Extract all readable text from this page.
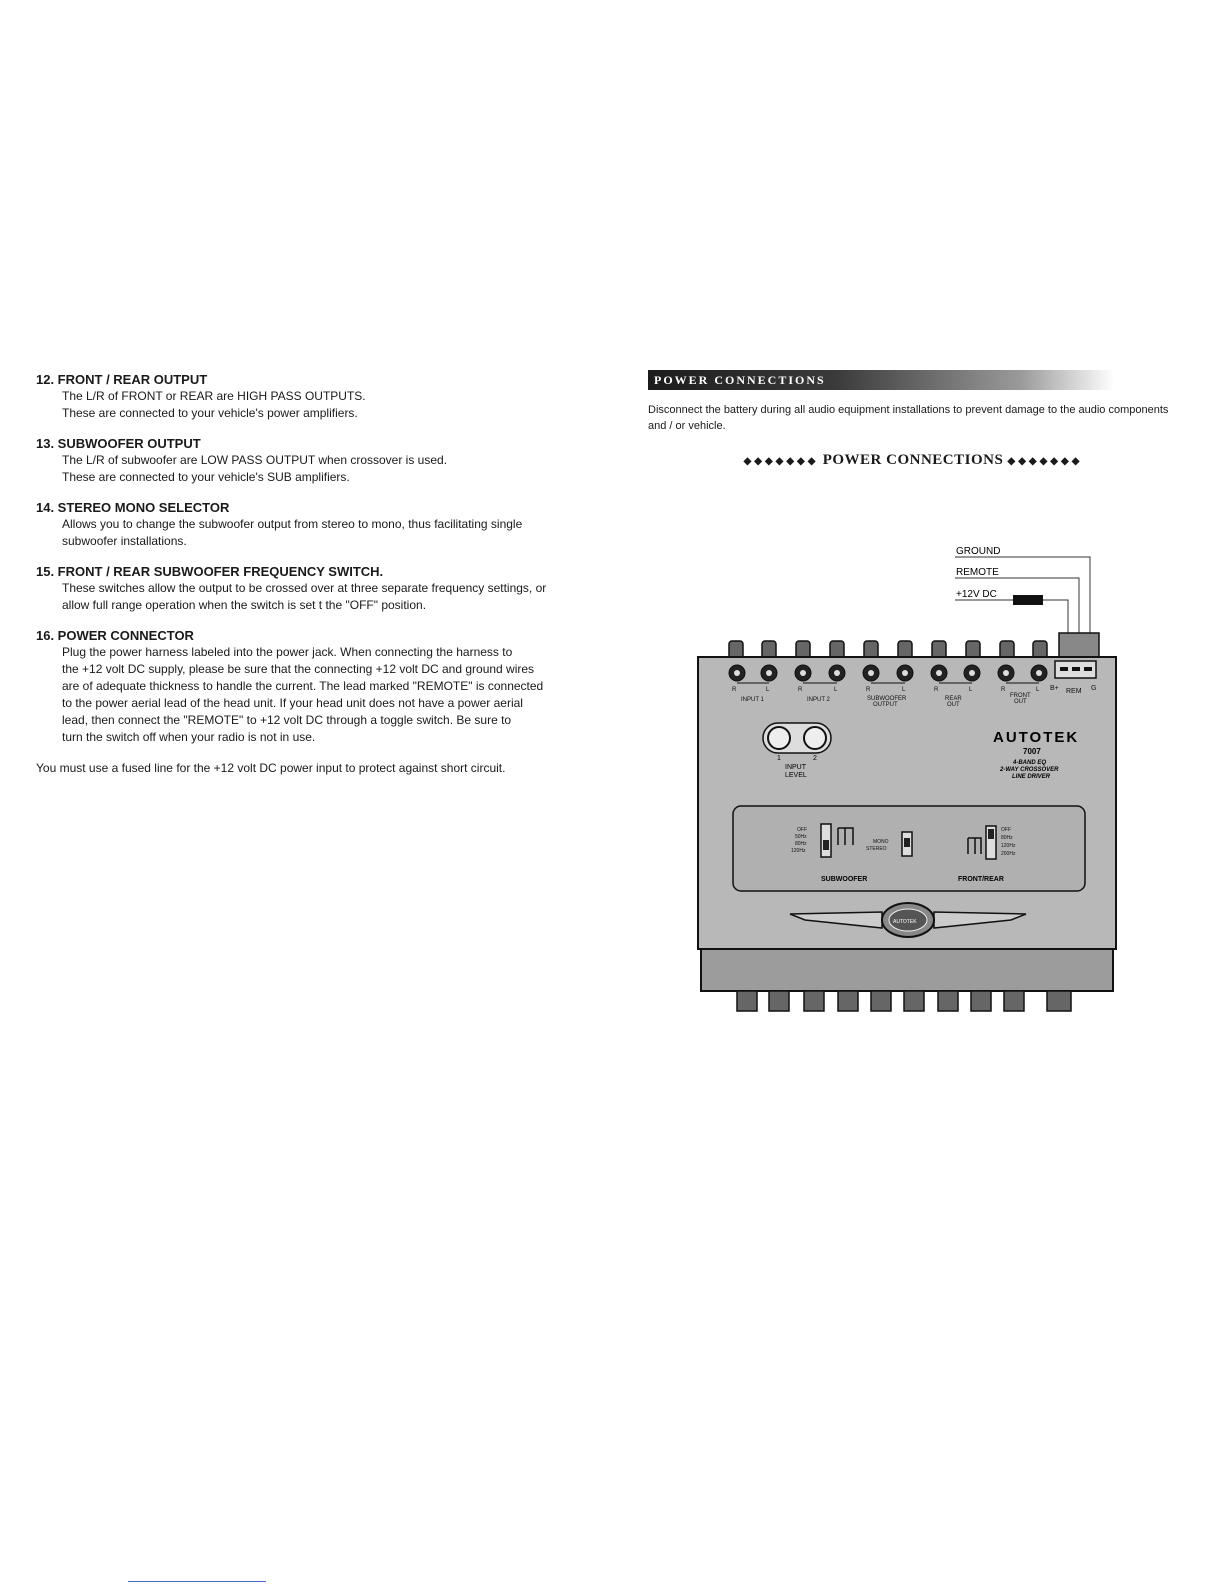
12. FRONT / REAR OUTPUT

The L/R of FRONT or REAR are HIGH PASS OUTPUTS.
These are connected to your vehicle's power amplifiers.

13. SUBWOOFER OUTPUT

The L/R of subwoofer are LOW PASS OUTPUT when crossover is used.
These are connected to your vehicle's SUB amplifiers.

14. STEREO MONO SELECTOR

Allows you to change the subwoofer output from stereo to mono, thus facilitating single
subwoofer installations.

15. FRONT / REAR SUBWOOFER FREQUENCY SWITCH.

These switches allow the output to be crossed over at three separate frequency settings, or
allow full range operation when the switch is set t the "OFF" position.

16. POWER CONNECTOR

Plug the power harness labeled into the power jack. When connecting the harness to
the +12 volt DC supply, please be sure that the connecting +12 volt DC and ground wires
are of adequate thickness to handle the current. The lead marked "REMOTE" is connected
to the power aerial lead of the head unit. If your head unit does not have a power aerial
lead, then connect the "REMOTE" to +12 volt DC through a toggle switch. Be sure to
turn the switch off when your radio is not in use.
You must use a fused line for the +12 volt DC power input to protect against short circuit.
POWER CONNECTIONS
Disconnect the battery during all audio equipment installations to prevent damage to the audio components and / or vehicle.
◆◆◆◆◆◆◆ POWER CONNECTIONS ◆◆◆◆◆◆◆
GROUND
REMOTE
+12V DC
R	L	R	L	R	L	R	L	R	L
INPUT 1	INPUT 2	SUBWOOFER
OUTPUT
REAR
OUT
FRONT
OUT
B+ REM G
1	2
INPUT
LEVEL
AUTOTEK
7007
4-BAND EQ
2-WAY CROSSOVER
LINE DRIVER
OFF
50Hz
80Hz
120Hz
SUBWOOFER
MONO
STEREO
OFF
80Hz
120Hz
200Hz
FRONT/REAR
AUTOTEK
